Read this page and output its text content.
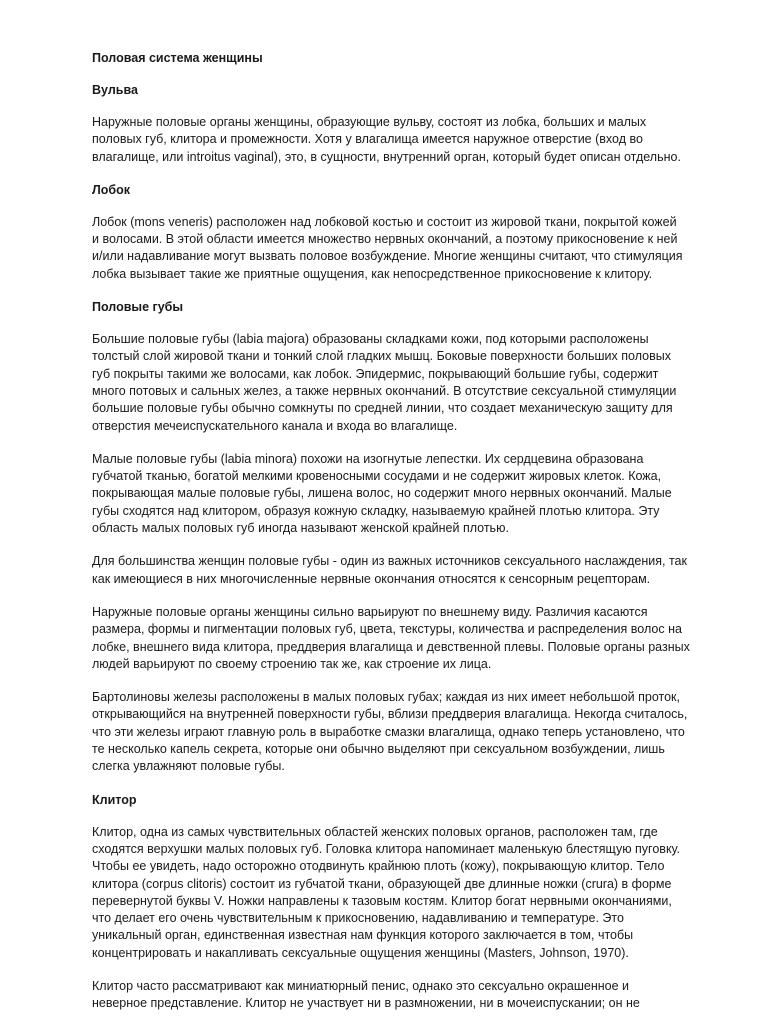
Половая система женщины
Вульва
Наружные половые органы женщины, образующие вульву, состоят из лобка, больших и малых
половых губ, клитора и промежности. Хотя у влагалища имеется наружное отверстие (вход во
влагалище, или introitus vaginal), это, в сущности, внутренний орган, который будет описан отдельно.
Лобок
Лобок (mons veneris) расположен над лобковой костью и состоит из жировой ткани, покрытой кожей
и волосами. В этой области имеется множество нервных окончаний, а поэтому прикосновение к ней
и/или надавливание могут вызвать половое возбуждение. Многие женщины считают, что стимуляция
лобка вызывает такие же приятные ощущения, как непосредственное прикосновение к клитору.
Половые губы
Большие половые губы (labia majora) образованы складками кожи, под которыми расположены
толстый слой жировой ткани и тонкий слой гладких мышц. Боковые поверхности больших половых
губ покрыты такими же волосами, как лобок. Эпидермис, покрывающий большие губы, содержит
много потовых и сальных желез, а также нервных окончаний. В отсутствие сексуальной стимуляции
большие половые губы обычно сомкнуты по средней линии, что создает механическую защиту для
отверстия мечеиспускательного канала и входа во влагалище.
Малые половые губы (labia minora) похожи на изогнутые лепестки. Их сердцевина образована
губчатой тканью, богатой мелкими кровеносными сосудами и не содержит жировых клеток. Кожа,
покрывающая малые половые губы, лишена волос, но содержит много нервных окончаний. Малые
губы сходятся над клитором, образуя кожную складку, называемую крайней плотью клитора. Эту
область малых половых губ иногда называют женской крайней плотью.
Для большинства женщин половые губы - один из важных источников сексуального наслаждения, так
как имеющиеся в них многочисленные нервные окончания относятся к сенсорным рецепторам.
Наружные половые органы женщины сильно варьируют по внешнему виду. Различия касаются
размера, формы и пигментации половых губ, цвета, текстуры, количества и распределения волос на
лобке, внешнего вида клитора, преддверия влагалища и девственной плевы. Половые органы разных
людей варьируют по своему строению так же, как строение их лица.
Бартолиновы железы расположены в малых половых губах; каждая из них имеет небольшой проток,
открывающийся на внутренней поверхности губы, вблизи преддверия влагалища. Некогда считалось,
что эти железы играют главную роль в выработке смазки влагалища, однако теперь установлено, что
те несколько капель секрета, которые они обычно выделяют при сексуальном возбуждении, лишь
слегка увлажняют половые губы.
Клитор
Клитор, одна из самых чувствительных областей женских половых органов, расположен там, где
сходятся верхушки малых половых губ. Головка клитора напоминает маленькую блестящую пуговку.
Чтобы ее увидеть, надо осторожно отодвинуть крайнюю плоть (кожу), покрывающую клитор. Тело
клитора (corpus clitoris) состоит из губчатой ткани, образующей две длинные ножки (crura) в форме
перевернутой буквы V. Ножки направлены к тазовым костям. Клитор богат нервными окончаниями,
что делает его очень чувствительным к прикосновению, надавливанию и температуре. Это
уникальный орган, единственная известная нам функция которого заключается в том, чтобы
концентрировать и накапливать сексуальные ощущения женщины (Masters, Johnson, 1970).
Клитор часто рассматривают как миниатюрный пенис, однако это сексуально окрашенное и
неверное представление. Клитор не участвует ни в размножении, ни в мочеиспускании; он не
